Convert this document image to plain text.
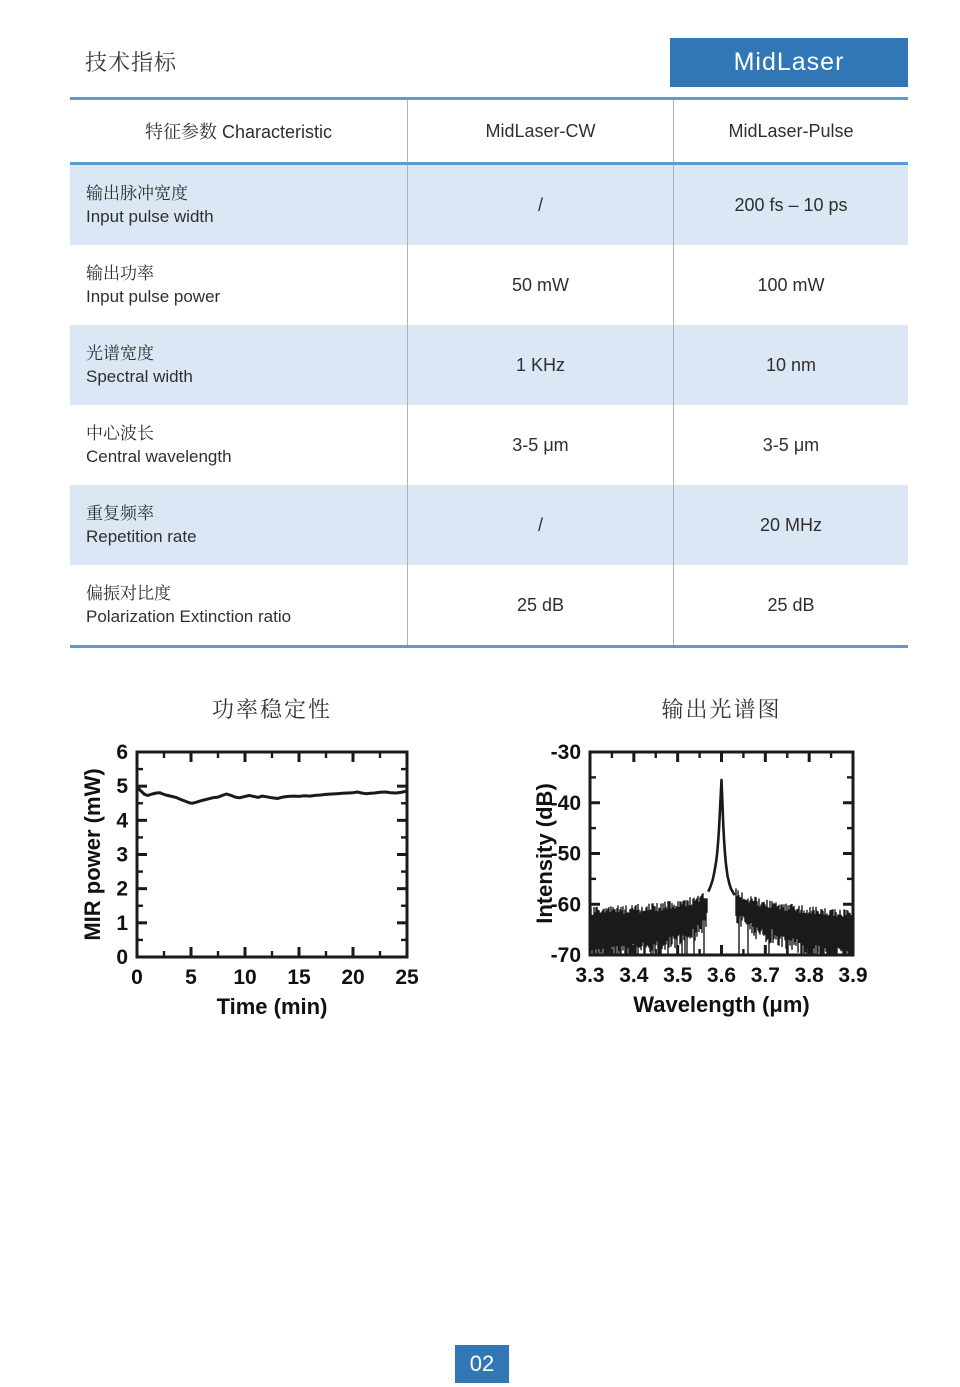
技术指标	MidLaser
特征参数 Characteristic	MidLaser-CW	MidLaser-Pulse
输出脉冲宽度
Input pulse width
/	200 fs – 10 ps
输出功率
Input pulse power
50 mW	100 mW
光谱宽度
Spectral width
1 KHz	10 nm
中心波长
Central wavelength
3-5 μm	3-5 μm
重复频率
Repetition rate
/	20 MHz
偏振对比度
Polarization Extinction ratio
25 dB	25 dB
功率稳定性	输出光谱图
0 5 10 15 20 25
0
1
2
3
4
5
6
Time (min)
MIR power (mW)
3.3 3.4 3.5 3.6 3.7 3.8 3.9
-70
-60
-50
-40
-30
Wavelength (μm)
Intensity (dB)
02
